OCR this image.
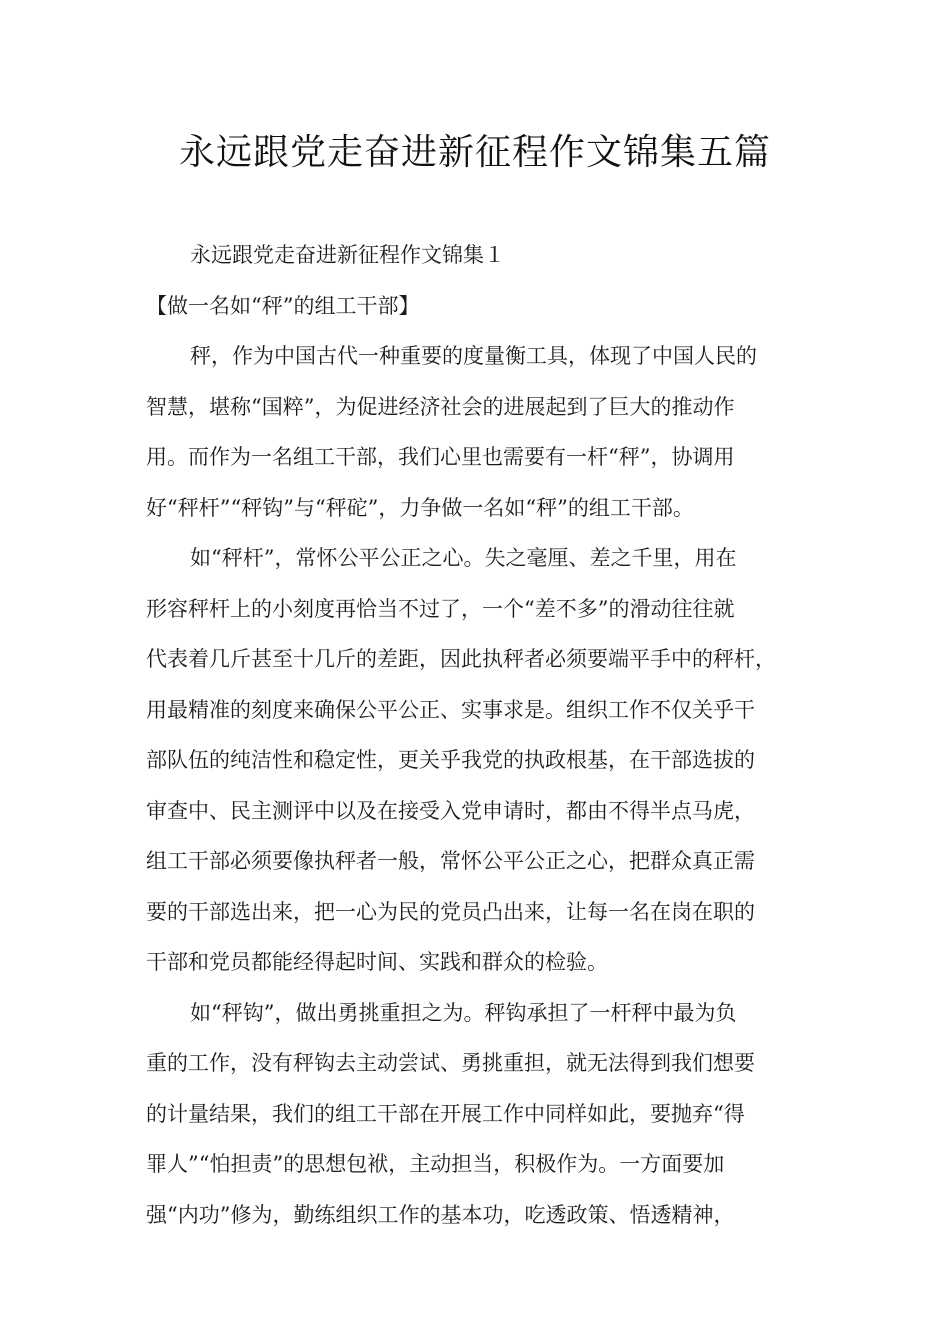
永远跟党走奋进新征程作文锦集五篇
永远跟党走奋进新征程作文锦集１
【做一名如“秤”的组工干部】
秤，作为中国古代一种重要的度量衡工具，体现了中国人民的
智慧，堪称“国粹”，为促进经济社会的进展起到了巨大的推动作
用。而作为一名组工干部，我们心里也需要有一杆“秤”，协调用
好“秤杆”“秤钩”与“秤砣”，力争做一名如“秤”的组工干部。
如“秤杆”，常怀公平公正之心。失之毫厘、差之千里，用在
形容秤杆上的小刻度再恰当不过了，一个“差不多”的滑动往往就
代表着几斤甚至十几斤的差距，因此执秤者必须要端平手中的秤杆，
用最精准的刻度来确保公平公正、实事求是。组织工作不仅关乎干
部队伍的纯洁性和稳定性，更关乎我党的执政根基，在干部选拔的
审查中、民主测评中以及在接受入党申请时，都由不得半点马虎，
组工干部必须要像执秤者一般，常怀公平公正之心，把群众真正需
要的干部选出来，把一心为民的党员凸出来，让每一名在岗在职的
干部和党员都能经得起时间、实践和群众的检验。
如“秤钩”，做出勇挑重担之为。秤钩承担了一杆秤中最为负
重的工作，没有秤钩去主动尝试、勇挑重担，就无法得到我们想要
的计量结果，我们的组工干部在开展工作中同样如此，要抛弃“得
罪人”“怕担责”的思想包袱，主动担当，积极作为。一方面要加
强“内功”修为，勤练组织工作的基本功，吃透政策、悟透精神，
